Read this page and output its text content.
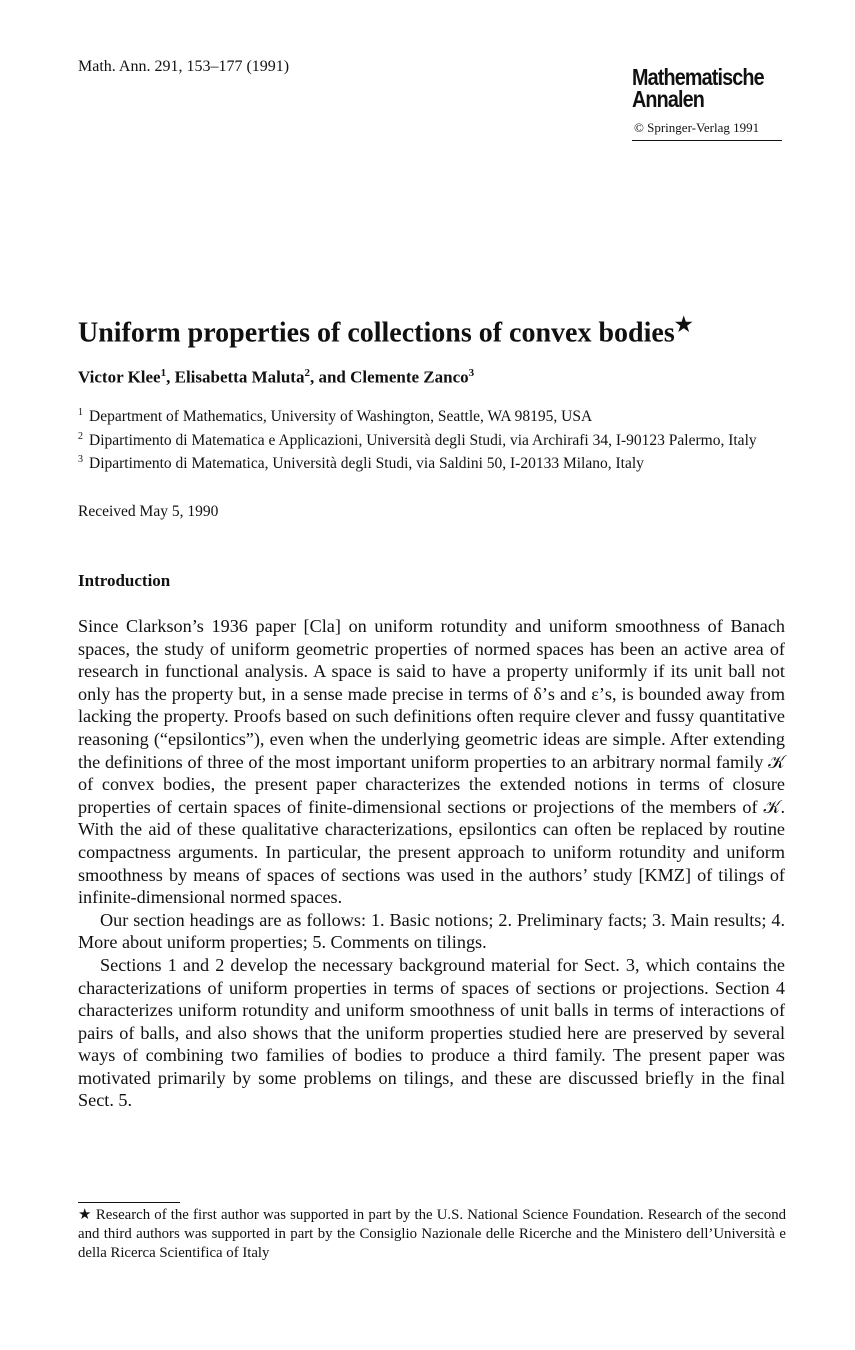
Math. Ann. 291, 153–177 (1991)	Mathematische
Annalen
© Springer-Verlag 1991
Uniform properties of collections of convex bodies★
Victor Klee$^1$, Elisabetta Maluta$^2$, and Clemente Zanco$^3$
$^1$ Department of Mathematics, University of Washington, Seattle, WA 98195, USA
$^2$ Dipartimento di Matematica e Applicazioni, Università degli Studi, via Archirafi 34, I-90123 Palermo, Italy
$^3$ Dipartimento di Matematica, Università degli Studi, via Saldini 50, I-20133 Milano, Italy
Received May 5, 1990
Introduction

Since Clarkson’s 1936 paper [Cla] on uniform rotundity and uniform smoothness of Banach spaces, the study of uniform geometric properties of normed spaces has been an active area of research in functional analysis. A space is said to have a property uniformly if its unit ball not only has the property but, in a sense made precise in terms of δ’s and ε’s, is bounded away from lacking the property. Proofs based on such definitions often require clever and fussy quantitative reasoning (“epsilontics”), even when the underlying geometric ideas are simple. After extending the definitions of three of the most important uniform properties to an arbitrary normal family 𝒦 of convex bodies, the present paper characterizes the extended notions in terms of closure properties of certain spaces of finite-dimensional sections or projections of the members of 𝒦. With the aid of these qualitative characterizations, epsilontics can often be replaced by routine compactness arguments. In particular, the present approach to uniform rotundity and uniform smoothness by means of spaces of sections was used in the authors’ study [KMZ] of tilings of infinite-dimensional normed spaces.

Our section headings are as follows: 1. Basic notions; 2. Preliminary facts; 3. Main results; 4. More about uniform properties; 5. Comments on tilings.

Sections 1 and 2 develop the necessary background material for Sect. 3, which contains the characterizations of uniform properties in terms of spaces of sections or projections. Section 4 characterizes uniform rotundity and uniform smoothness of unit balls in terms of interactions of pairs of balls, and also shows that the uniform properties studied here are preserved by several ways of combining two families of bodies to produce a third family. The present paper was motivated primarily by some problems on tilings, and these are discussed briefly in the final Sect. 5.

★ Research of the first author was supported in part by the U.S. National Science Foundation. Research of the second and third authors was supported in part by the Consiglio Nazionale delle Ricerche and the Ministero dell’Università e della Ricerca Scientifica of Italy
